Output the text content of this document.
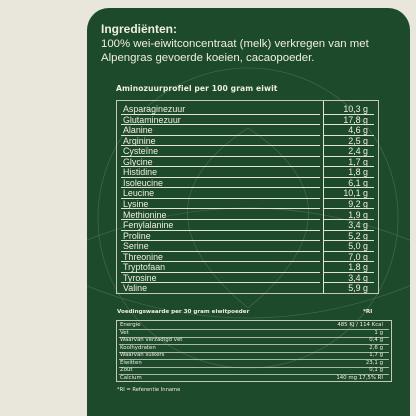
Ingrediënten:
100% wei-eiwitconcentraat (melk) verkregen van met Alpengras gevoerde koeien, cacaopoeder.
Aminozuurprofiel per 100 gram eiwit
Asparaginezuur	10,3 g
Glutaminezuur	17,8 g
Alanine	4,6 g
Arginine	2,5 g
Cysteïne	2,4 g
Glycine	1,7 g
Histidine	1,8 g
Isoleucine	6,1 g
Leucine	10,1 g
Lysine	9,2 g
Methionine	1,9 g
Fenylalanine	3,4 g
Proline	5,2 g
Serine	5,0 g
Threonine	7,0 g
Tryptofaan	1,8 g
Tyrosine	3,4 g
Valine	5,9 g
Voedingswaarde per 30 gram eiwitpoeder	*RI
Energie	485 KJ / 114 Kcal
Vet	1 g
Waarvan verzadigd vet	0,4 g
Koolhydraten	2,6 g
Waarvan suikers	1,7 g
Eiwitten	23,1 g
Zout	0,1 g
Calcium	140 mg 17,5% RI
*RI = Referentie Inname
